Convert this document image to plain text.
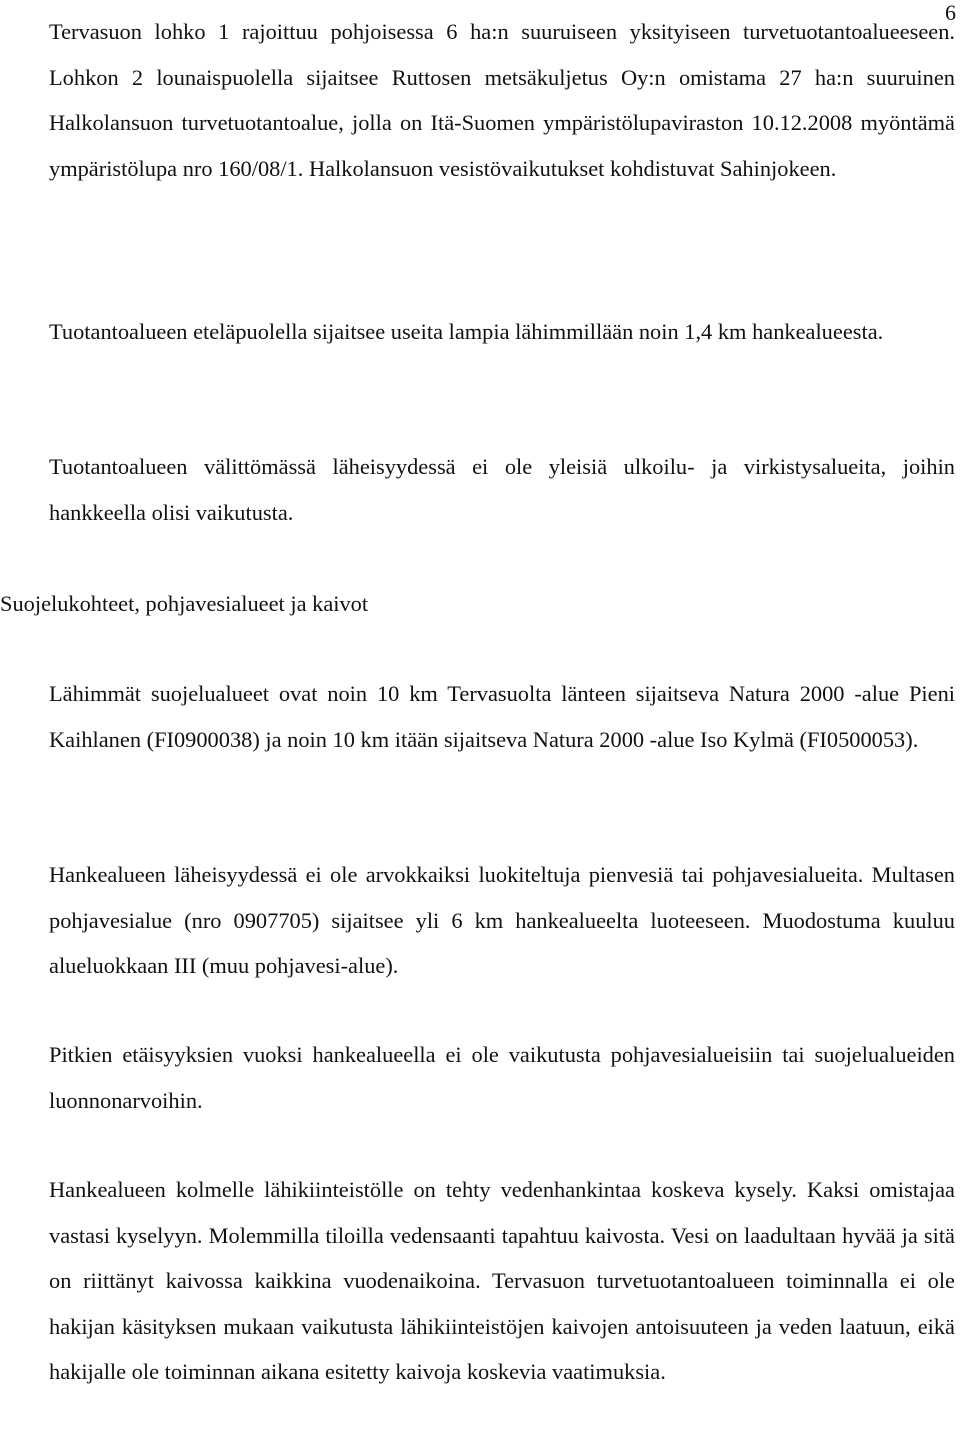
6

Tervasuon lohko 1 rajoittuu pohjoisessa 6 ha:n suuruiseen yksityiseen turvetuotantoalueeseen. Lohkon 2 lounaispuolella sijaitsee Ruttosen metsäkuljetus Oy:n omistama 27 ha:n suuruinen Halkolansuon turvetuotantoalue, jolla on Itä-Suomen ympäristölupaviraston 10.12.2008 myöntämä ympäristölupa nro 160/08/1. Halkolansuon vesistövaikutukset kohdistuvat Sahinjokeen.

Tuotantoalueen eteläpuolella sijaitsee useita lampia lähimmillään noin 1,4 km hankealueesta.

Tuotantoalueen välittömässä läheisyydessä ei ole yleisiä ulkoilu- ja virkistysalueita, joihin hankkeella olisi vaikutusta.

Suojelukohteet, pohjavesialueet ja kaivot

Lähimmät suojelualueet ovat noin 10 km Tervasuolta länteen sijaitseva Natura 2000 -alue Pieni Kaihlanen (FI0900038) ja noin 10 km itään sijaitseva Natura 2000 -alue Iso Kylmä (FI0500053).

Hankealueen läheisyydessä ei ole arvokkaiksi luokiteltuja pienvesiä tai pohjavesialueita. Multasen pohjavesialue (nro 0907705) sijaitsee yli 6 km hankealueelta luoteeseen. Muodostuma kuuluu alueluokkaan III (muu pohjavesi-alue).

Pitkien etäisyyksien vuoksi hankealueella ei ole vaikutusta pohjavesialueisiin tai suojelualueiden luonnonarvoihin.

Hankealueen kolmelle lähikiinteistölle on tehty vedenhankintaa koskeva kysely. Kaksi omistajaa vastasi kyselyyn. Molemmilla tiloilla vedensaanti tapahtuu kaivosta. Vesi on laadultaan hyvää ja sitä on riittänyt kaivossa kaikkina vuodenaikoina. Tervasuon turvetuotantoalueen toiminnalla ei ole hakijan käsityksen mukaan vaikutusta lähikiinteistöjen kaivojen antoisuuteen ja veden laatuun, eikä hakijalle ole toiminnan aikana esitetty kaivoja koskevia vaatimuksia.
